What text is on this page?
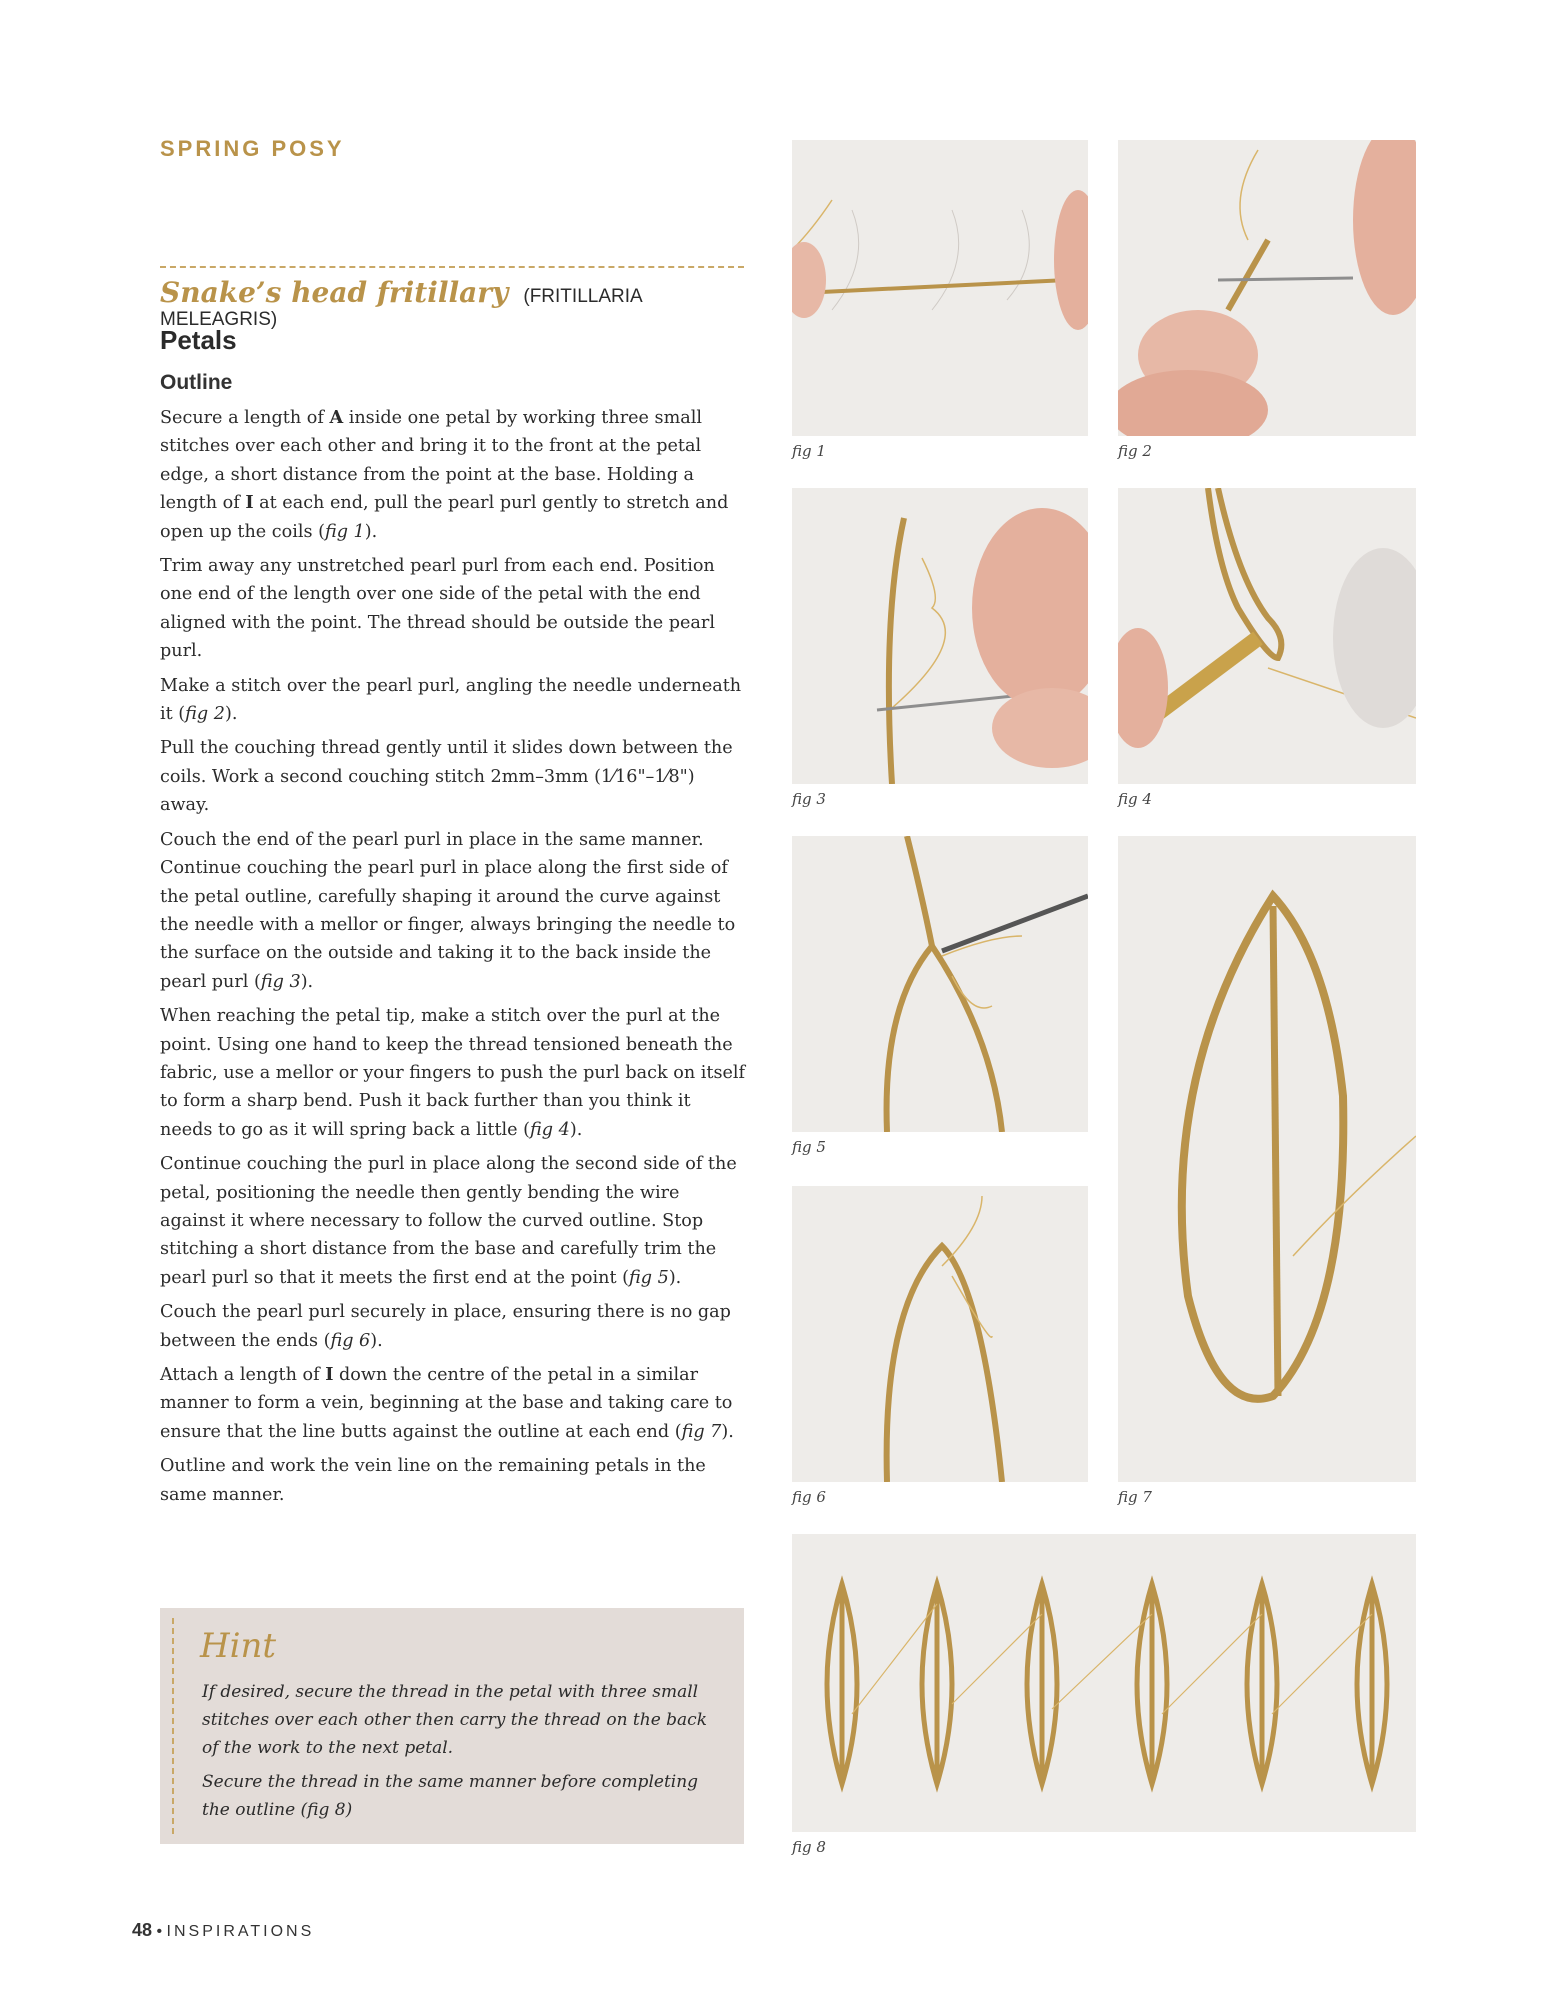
SPRING POSY
Snake’s head fritillary (FRITILLARIA MELEAGRIS)
Petals
Outline

Secure a length of A inside one petal by working three small stitches over each other and bring it to the front at the petal edge, a short distance from the point at the base. Holding a length of I at each end, pull the pearl purl gently to stretch and open up the coils (fig 1).

Trim away any unstretched pearl purl from each end. Position one end of the length over one side of the petal with the end aligned with the point. The thread should be outside the pearl purl.

Make a stitch over the pearl purl, angling the needle underneath it (fig 2).

Pull the couching thread gently until it slides down between the coils. Work a second couching stitch 2mm–3mm (1⁄16"–1⁄8") away.

Couch the end of the pearl purl in place in the same manner. Continue couching the pearl purl in place along the first side of the petal outline, carefully shaping it around the curve against the needle with a mellor or finger, always bringing the needle to the surface on the outside and taking it to the back inside the pearl purl (fig 3).

When reaching the petal tip, make a stitch over the purl at the point. Using one hand to keep the thread tensioned beneath the fabric, use a mellor or your fingers to push the purl back on itself to form a sharp bend. Push it back further than you think it needs to go as it will spring back a little (fig 4).

Continue couching the purl in place along the second side of the petal, positioning the needle then gently bending the wire against it where necessary to follow the curved outline. Stop stitching a short distance from the base and carefully trim the pearl purl so that it meets the first end at the point (fig 5).

Couch the pearl purl securely in place, ensuring there is no gap between the ends (fig 6).

Attach a length of I down the centre of the petal in a similar manner to form a vein, beginning at the base and taking care to ensure that the line butts against the outline at each end (fig 7).

Outline and work the vein line on the remaining petals in the same manner.

Hint

If desired, secure the thread in the petal with three small stitches over each other then carry the thread on the back of the work to the next petal.

Secure the thread in the same manner before completing the outline (fig 8)

fig 1	fig 2
fig 3	fig 4
fig 5
fig 6	fig 7
fig 8
48 • INSPIRATIONS
